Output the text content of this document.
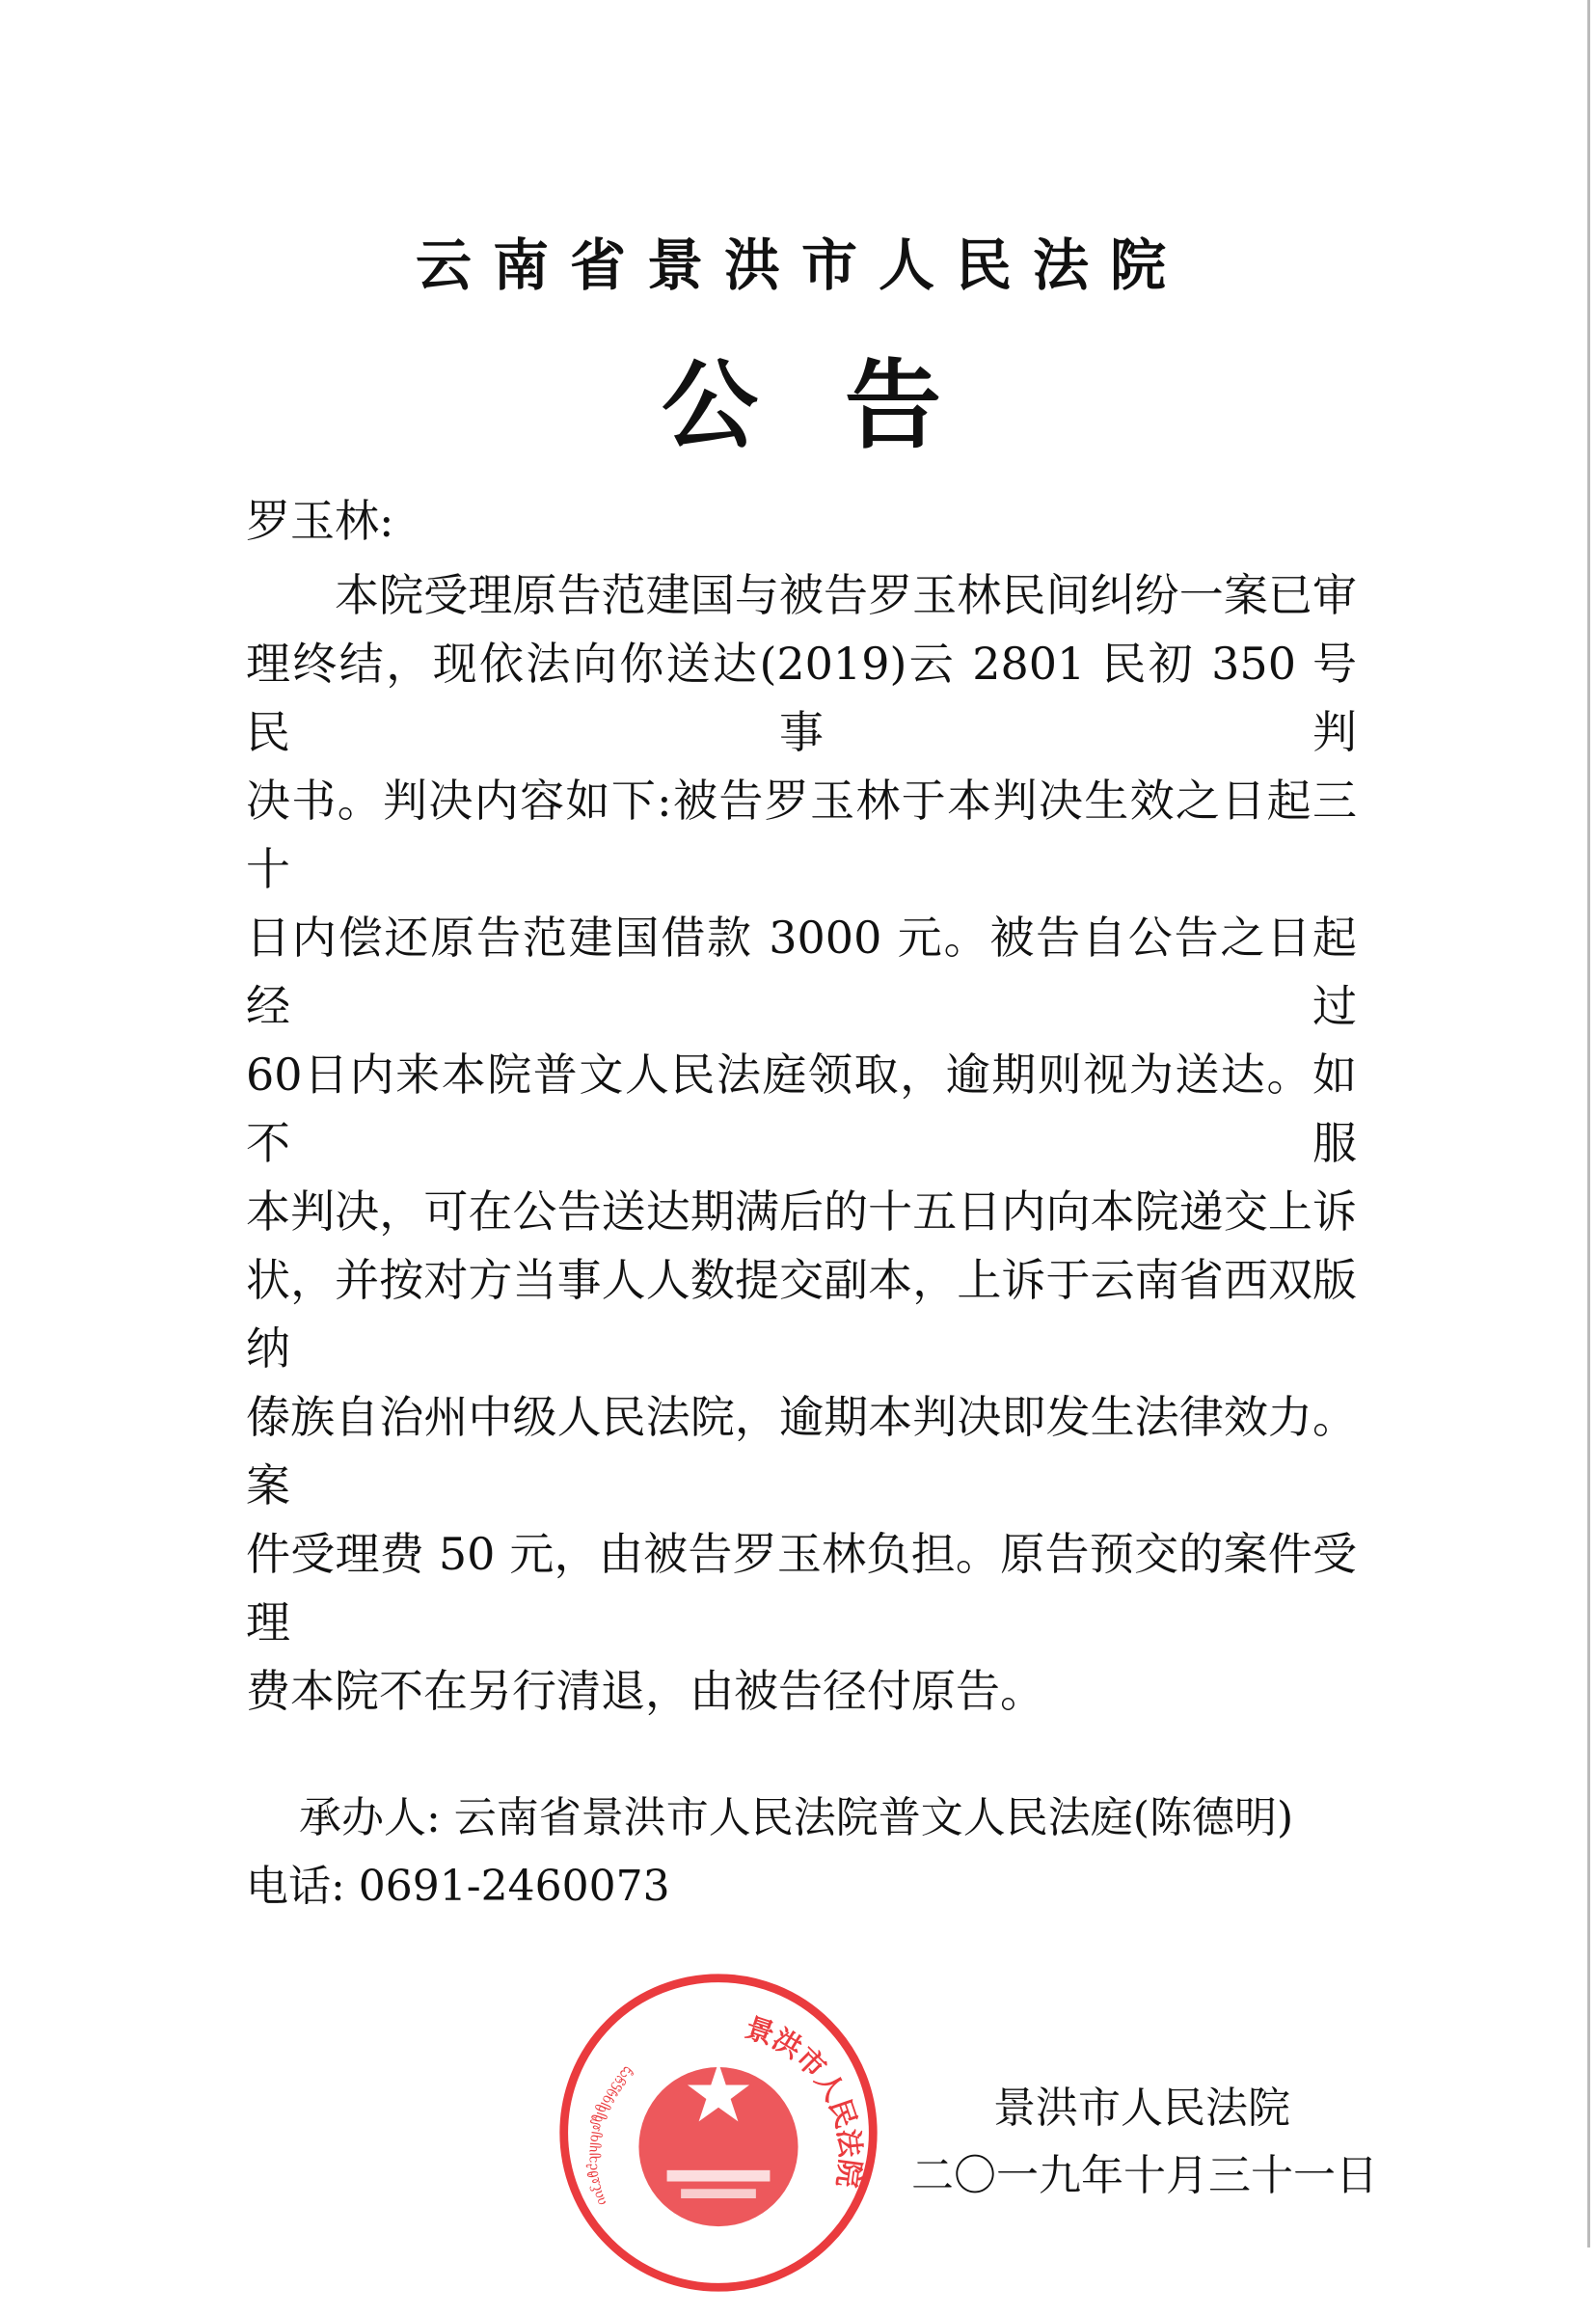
云南省景洪市人民法院
公告
罗玉林:
本院受理原告范建国与被告罗玉林民间纠纷一案已审
理终结，现依法向你送达(2019)云 2801 民初 350 号民事判
决书。判决内容如下:被告罗玉林于本判决生效之日起三十
日内偿还原告范建国借款 3000 元。被告自公告之日起经过
60日内来本院普文人民法庭领取，逾期则视为送达。如不服
本判决，可在公告送达期满后的十五日内向本院递交上诉
状，并按对方当事人人数提交副本，上诉于云南省西双版纳
傣族自治州中级人民法院，逾期本判决即发生法律效力。案
件受理费 50 元，由被告罗玉林负担。原告预交的案件受理
费本院不在另行清退，由被告径付原告。
承办人: 云南省景洪市人民法院普文人民法庭(陈德明)
电话: 0691-2460073
景洪市人民法院
ᦶᦷᦸᦹᦺᦻᦼᦽᦾᦿᧀᧁᧂᧃᧄᧅ
景洪市人民法院
二〇一九年十月三十一日
